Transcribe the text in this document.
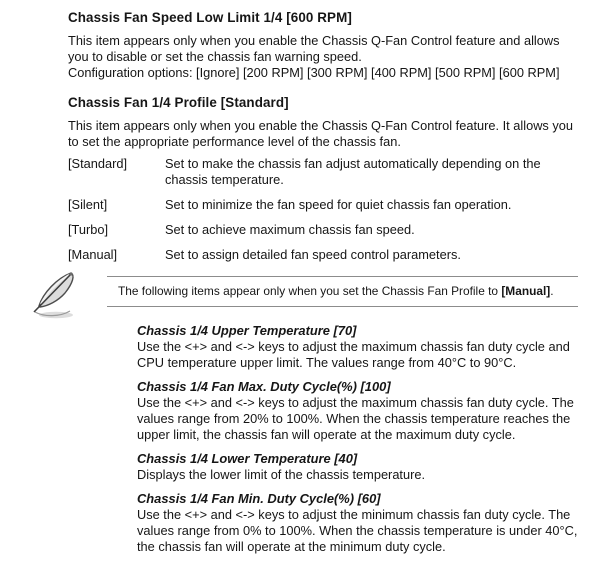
Chassis Fan Speed Low Limit 1/4 [600 RPM]

This item appears only when you enable the Chassis Q-Fan Control feature and allows you to disable or set the chassis fan warning speed.

Configuration options: [Ignore] [200 RPM] [300 RPM] [400 RPM] [500 RPM] [600 RPM]

Chassis Fan 1/4 Profile [Standard]

This item appears only when you enable the Chassis Q-Fan Control feature. It allows you to set the appropriate performance level of the chassis fan.

[Standard]	Set to make the chassis fan adjust automatically depending on the chassis temperature.
[Silent]	Set to minimize the fan speed for quiet chassis fan operation.
[Turbo]	Set to achieve maximum chassis fan speed.
[Manual]	Set to assign detailed fan speed control parameters.
The following items appear only when you set the Chassis Fan Profile to [Manual].
Chassis 1/4 Upper Temperature [70]

Use the <+> and <-> keys to adjust the maximum chassis fan duty cycle and CPU temperature upper limit. The values range from 40°C to 90°C.

Chassis 1/4 Fan Max. Duty Cycle(%) [100]

Use the <+> and <-> keys to adjust the maximum chassis fan duty cycle. The values range from 20% to 100%. When the chassis temperature reaches the upper limit, the chassis fan will operate at the maximum duty cycle.

Chassis 1/4 Lower Temperature [40]

Displays the lower limit of the chassis temperature.

Chassis 1/4 Fan Min. Duty Cycle(%) [60]

Use the <+> and <-> keys to adjust the minimum chassis fan duty cycle. The values range from 0% to 100%. When the chassis temperature is under 40°C, the chassis fan will operate at the minimum duty cycle.
